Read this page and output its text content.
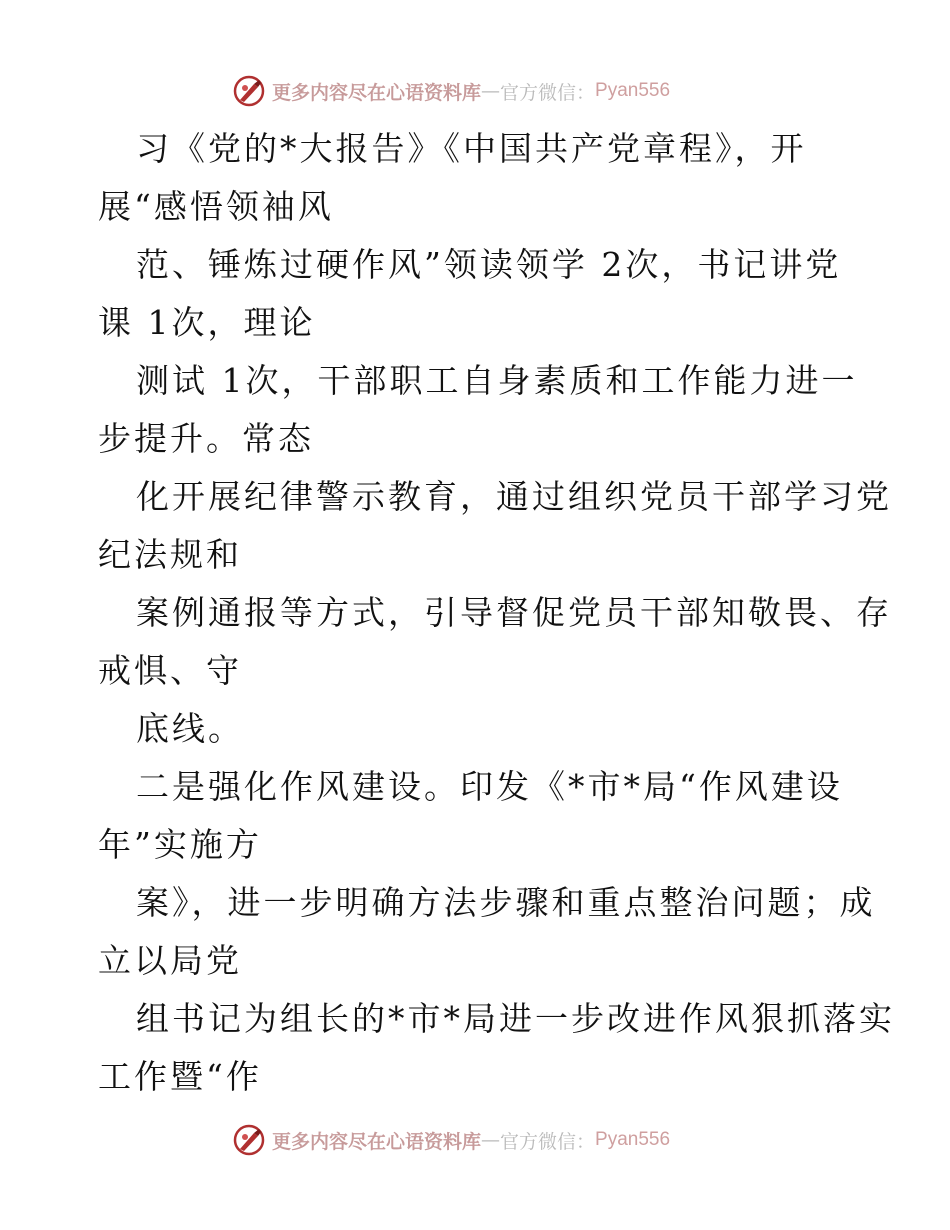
更多内容尽在心语资料库 — 官方微信： Pyan556
习《党的*大报告》《中国共产党章程》，开
展“感悟领袖风
范、锤炼过硬作风”领读领学 2次，书记讲党
课 1次，理论
测试 1次，干部职工自身素质和工作能力进一
步提升。常态
化开展纪律警示教育，通过组织党员干部学习党
纪法规和
案例通报等方式，引导督促党员干部知敬畏、存
戒惧、守
底线。
二是强化作风建设。印发《*市*局“作风建设
年”实施方
案》，进一步明确方法步骤和重点整治问题；成
立以局党
组书记为组长的*市*局进一步改进作风狠抓落实
工作暨“作
更多内容尽在心语资料库 — 官方微信： Pyan556
